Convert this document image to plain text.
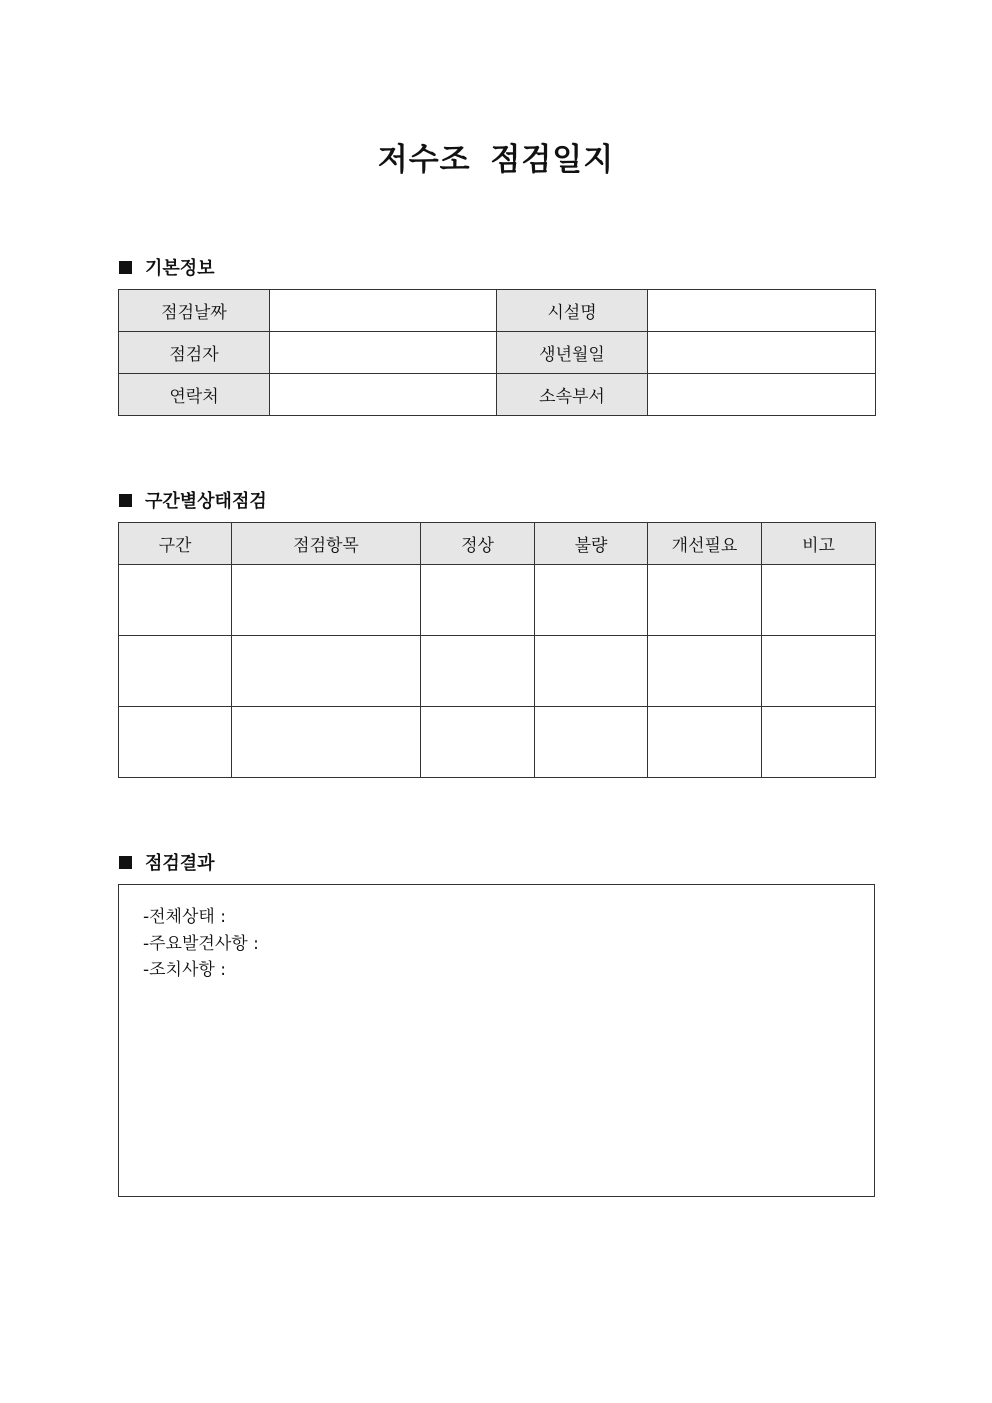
저수조 점검일지
기본정보
점검날짜		시설명	
점검자		생년월일	
연락처		소속부서	
구간별상태점검
구간	점검항목	정상	불량	개선필요	비고

점검결과
-전체상태 :
-주요발견사항 :
-조치사항 :
